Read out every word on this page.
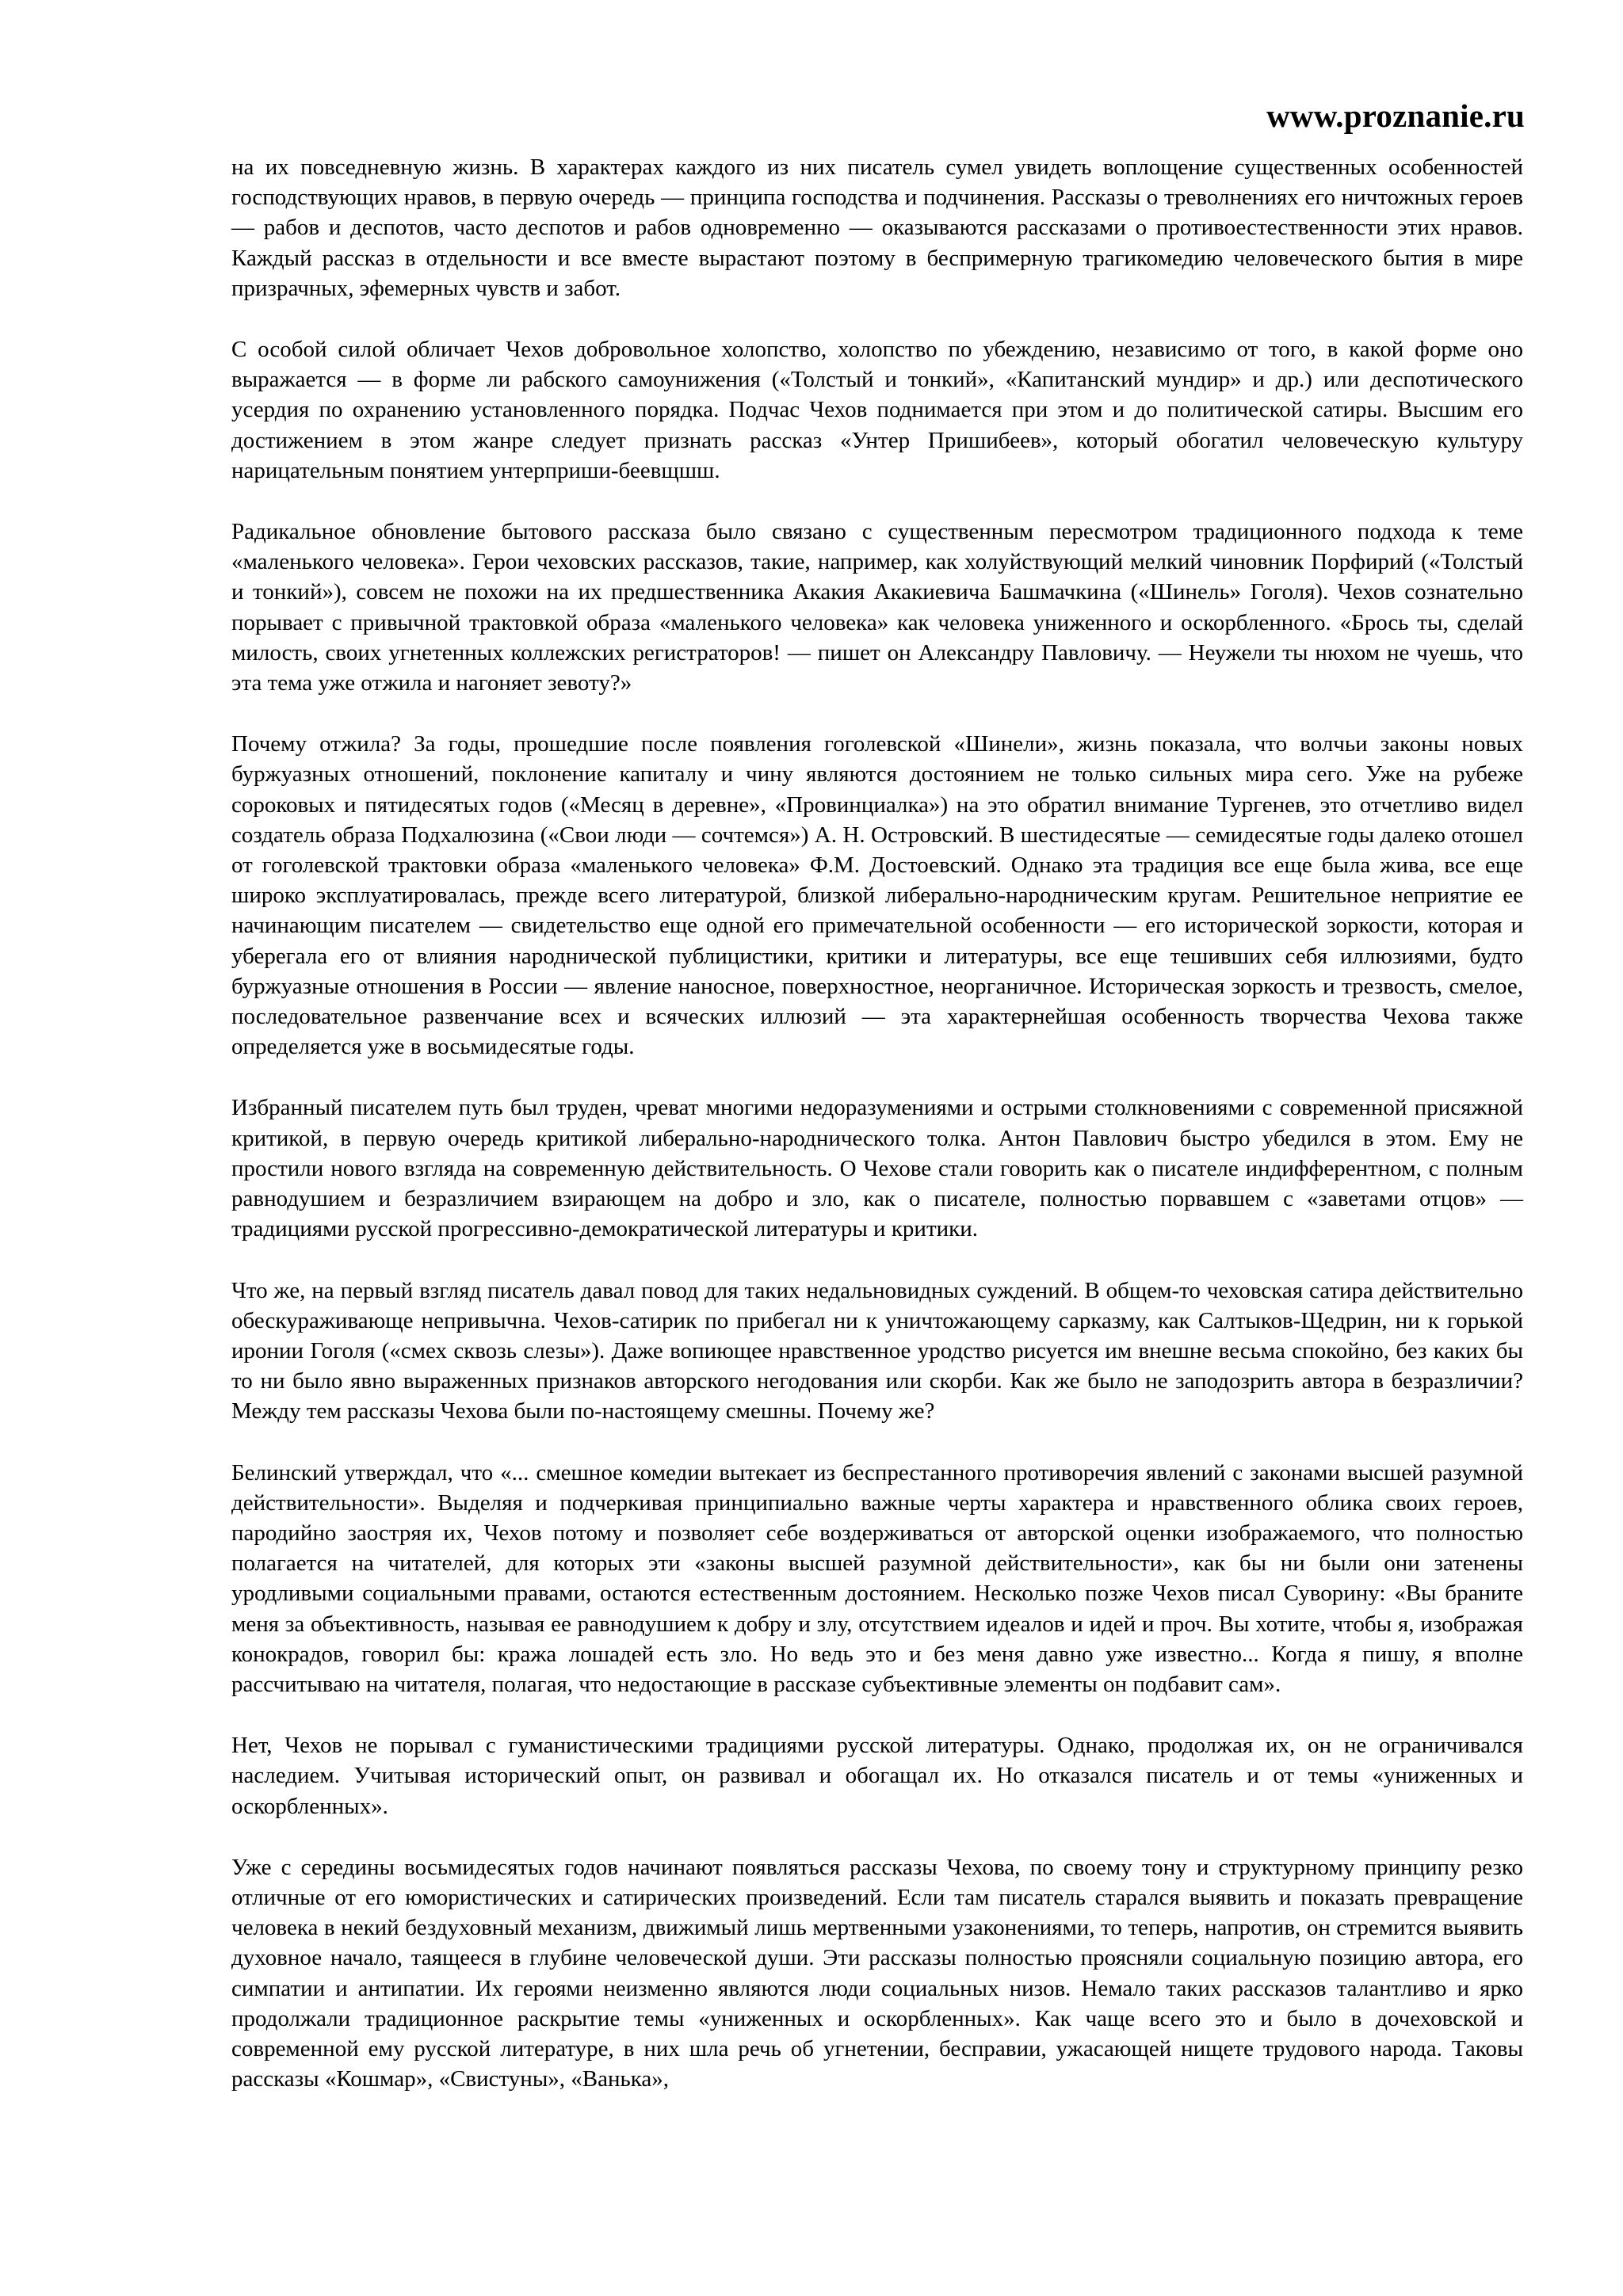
www.proznanie.ru

на их повседневную жизнь. В характерах каждого из них писатель сумел увидеть воплощение существенных особенностей господствующих нравов, в первую очередь — принципа господства и подчинения. Рассказы о треволнениях его ничтожных героев — рабов и деспотов, часто деспотов и рабов одновременно — оказываются рассказами о противоестественности этих нравов. Каждый рассказ в отдельности и все вместе вырастают поэтому в беспримерную трагикомедию человеческого бытия в мире призрачных, эфемерных чувств и забот.

С особой силой обличает Чехов добровольное холопство, холопство по убеждению, независимо от того, в какой форме оно выражается — в форме ли рабского самоунижения («Толстый и тонкий», «Капитанский мундир» и др.) или деспотического усердия по охранению установленного порядка. Подчас Чехов поднимается при этом и до политической сатиры. Высшим его достижением в этом жанре следует признать рассказ «Унтер Пришибеев», который обогатил человеческую культуру нарицательным понятием унтерприши-беевщшш.

Радикальное обновление бытового рассказа было связано с существенным пересмотром традиционного подхода к теме «маленького человека». Герои чеховских рассказов, такие, например, как холуйствующий мелкий чиновник Порфирий («Толстый и тонкий»), совсем не похожи на их предшественника Акакия Акакиевича Башмачкина («Шинель» Гоголя). Чехов сознательно порывает с привычной трактовкой образа «маленького человека» как человека униженного и оскорбленного. «Брось ты, сделай милость, своих угнетенных коллежских регистраторов! — пишет он Александру Павловичу. — Неужели ты нюхом не чуешь, что эта тема уже отжила и нагоняет зевоту?»

Почему отжила? За годы, прошедшие после появления гоголевской «Шинели», жизнь показала, что волчьи законы новых буржуазных отношений, поклонение капиталу и чину являются достоянием не только сильных мира сего. Уже на рубеже сороковых и пятидесятых годов («Месяц в деревне», «Провинциалка») на это обратил внимание Тургенев, это отчетливо видел создатель образа Подхалюзина («Свои люди — сочтемся») А. Н. Островский. В шестидесятые — семидесятые годы далеко отошел от гоголевской трактовки образа «маленького человека» Ф.М. Достоевский. Однако эта традиция все еще была жива, все еще широко эксплуатировалась, прежде всего литературой, близкой либерально-народническим кругам. Решительное неприятие ее начинающим писателем — свидетельство еще одной его примечательной особенности — его исторической зоркости, которая и уберегала его от влияния народнической публицистики, критики и литературы, все еще тешивших себя иллюзиями, будто буржуазные отношения в России — явление наносное, поверхностное, неорганичное. Историческая зоркость и трезвость, смелое, последовательное развенчание всех и всяческих иллюзий — эта характернейшая особенность творчества Чехова также определяется уже в восьмидесятые годы.

Избранный писателем путь был труден, чреват многими недоразумениями и острыми столкновениями с современной присяжной критикой, в первую очередь критикой либерально-народнического толка. Антон Павлович быстро убедился в этом. Ему не простили нового взгляда на современную действительность. О Чехове стали говорить как о писателе индифферентном, с полным равнодушием и безразличием взирающем на добро и зло, как о писателе, полностью порвавшем с «заветами отцов» — традициями русской прогрессивно-демократической литературы и критики.

Что же, на первый взгляд писатель давал повод для таких недальновидных суждений. В общем-то чеховская сатира действительно обескураживающе непривычна. Чехов-сатирик по прибегал ни к уничтожающему сарказму, как Салтыков-Щедрин, ни к горькой иронии Гоголя («смех сквозь слезы»). Даже вопиющее нравственное уродство рисуется им внешне весьма спокойно, без каких бы то ни было явно выраженных признаков авторского негодования или скорби. Как же было не заподозрить автора в безразличии? Между тем рассказы Чехова были по-настоящему смешны. Почему же?

Белинский утверждал, что «... смешное комедии вытекает из беспрестанного противоречия явлений с законами высшей разумной действительности». Выделяя и подчеркивая принципиально важные черты характера и нравственного облика своих героев, пародийно заостряя их, Чехов потому и позволяет себе воздерживаться от авторской оценки изображаемого, что полностью полагается на читателей, для которых эти «законы высшей разумной действительности», как бы ни были они затенены уродливыми социальными правами, остаются естественным достоянием. Несколько позже Чехов писал Суворину: «Вы браните меня за объективность, называя ее равнодушием к добру и злу, отсутствием идеалов и идей и проч. Вы хотите, чтобы я, изображая конокрадов, говорил бы: кража лошадей есть зло. Но ведь это и без меня давно уже известно... Когда я пишу, я вполне рассчитываю на читателя, полагая, что недостающие в рассказе субъективные элементы он подбавит сам».

Нет, Чехов не порывал с гуманистическими традициями русской литературы. Однако, продолжая их, он не ограничивался наследием. Учитывая исторический опыт, он развивал и обогащал их. Но отказался писатель и от темы «униженных и оскорбленных».

Уже с середины восьмидесятых годов начинают появляться рассказы Чехова, по своему тону и структурному принципу резко отличные от его юмористических и сатирических произведений. Если там писатель старался выявить и показать превращение человека в некий бездуховный механизм, движимый лишь мертвенными узаконениями, то теперь, напротив, он стремится выявить духовное начало, таящееся в глубине человеческой души. Эти рассказы полностью проясняли социальную позицию автора, его симпатии и антипатии. Их героями неизменно являются люди социальных низов. Немало таких рассказов талантливо и ярко продолжали традиционное раскрытие темы «униженных и оскорбленных». Как чаще всего это и было в дочеховской и современной ему русской литературе, в них шла речь об угнетении, бесправии, ужасающей нищете трудового народа. Таковы рассказы «Кошмар», «Свистуны», «Ванька»,
